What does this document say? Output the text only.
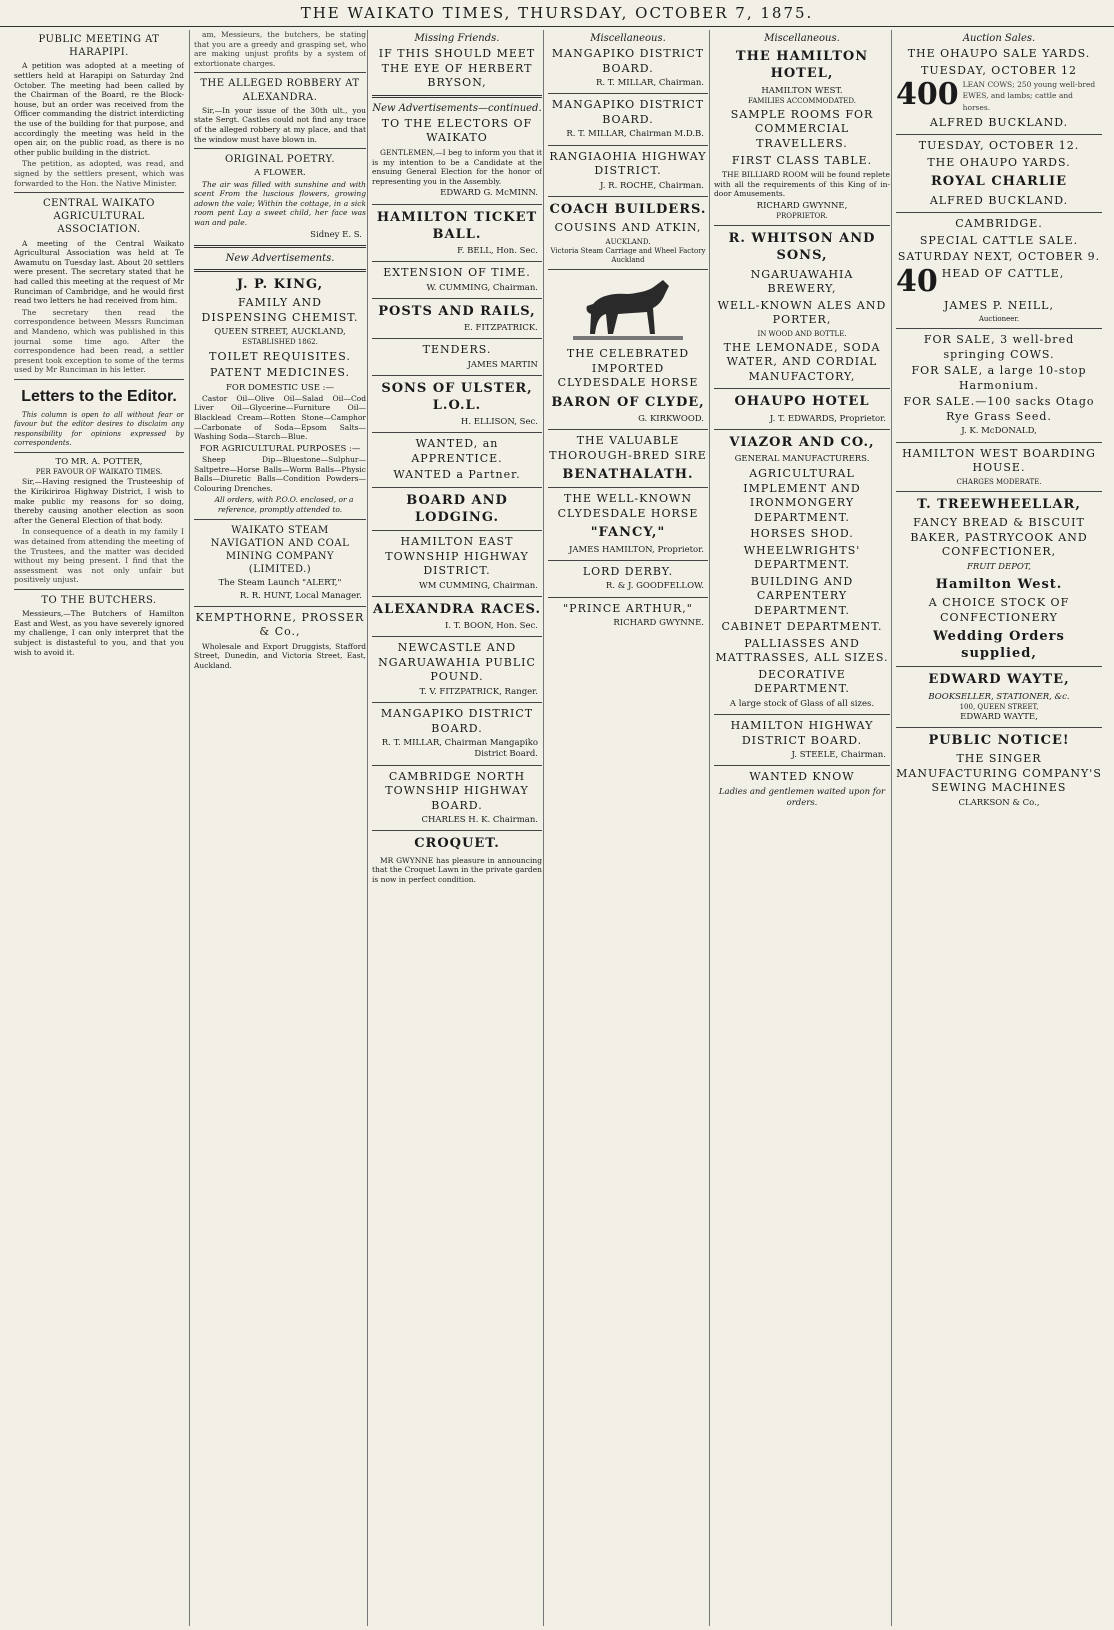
THE WAIKATO TIMES, THURSDAY, OCTOBER 7, 1875.
PUBLIC MEETING AT HARAPIPI.

A petition was adopted at a meeting of settlers held at Harapipi on Saturday 2nd October. The meeting had been called by the Chairman of the Board, re the Block-house, but an order was received from the Officer commanding the district interdicting the use of the building for that purpose, and accordingly the meeting was held in the open air, on the public road, as there is no other public building in the district.

The petition, as adopted, was read, and signed by the settlers present, which was forwarded to the Hon. the Native Minister.

CENTRAL WAIKATO AGRICULTURAL ASSOCIATION.

A meeting of the Central Waikato Agricultural Association was held at Te Awamutu on Tuesday last. About 20 settlers were present. The secretary stated that he had called this meeting at the request of Mr Runciman of Cambridge, and he would first read two letters he had received from him.

The secretary then read the correspondence between Messrs Runciman and Mandeno, which was published in this journal some time ago. After the correspondence had been read, a settler present took exception to some of the terms used by Mr Runciman in his letter.

Letters to the Editor.

This column is open to all without fear or favour but the editor desires to disclaim any responsibility for opinions expressed by correspondents.

TO MR. A. POTTER,
PER FAVOUR OF WAIKATO TIMES.

Sir,—Having resigned the Trusteeship of the Kirikiriroa Highway District, I wish to make public my reasons for so doing, thereby causing another election as soon after the General Election of that body.

In consequence of a death in my family I was detained from attending the meeting of the Trustees, and the matter was decided without my being present. I find that the assessment was not only unfair but positively unjust.

TO THE BUTCHERS.

Messieurs,—The Butchers of Hamilton East and West, as you have severely ignored my challenge, I can only interpret that the subject is distasteful to you, and that you wish to avoid it.

am, Messieurs, the butchers, be stating that you are a greedy and grasping set, who are making unjust profits by a system of extortionate charges.

THE ALLEGED ROBBERY AT ALEXANDRA.

Sir,—In your issue of the 30th ult., you state Sergt. Castles could not find any trace of the alleged robbery at my place, and that the window must have blown in.

ORIGINAL POETRY.
A FLOWER.

The air was filled with sunshine and with scent From the luscious flowers, growing adown the vale; Within the cottage, in a sick room pent Lay a sweet child, her face was wan and pale.

Sidney E. S.
New Advertisements.
J. P. KING,
FAMILY AND DISPENSING CHEMIST.
QUEEN STREET, AUCKLAND,
ESTABLISHED 1862.
TOILET REQUISITES.
PATENT MEDICINES.
FOR DOMESTIC USE :—

Castor Oil—Olive Oil—Salad Oil—Cod Liver Oil—Glycerine—Furniture Oil—Blacklead Cream—Rotten Stone—Camphor—Carbonate of Soda—Epsom Salts—Washing Soda—Starch—Blue.

FOR AGRICULTURAL PURPOSES :—

Sheep Dip—Bluestone—Sulphur—Saltpetre—Horse Balls—Worm Balls—Physic Balls—Diuretic Balls—Condition Powders—Colouring Drenches.

All orders, with P.O.O. enclosed, or a reference, promptly attended to.

WAIKATO STEAM NAVIGATION AND COAL MINING COMPANY (LIMITED.)
The Steam Launch "ALERT,"
R. R. HUNT, Local Manager.
KEMPTHORNE, PROSSER & Co.,

Wholesale and Export Druggists, Stafford Street, Dunedin, and Victoria Street, East, Auckland.

Missing Friends.
IF THIS SHOULD MEET THE EYE OF HERBERT BRYSON,
New Advertisements—continued.
TO THE ELECTORS OF WAIKATO

GENTLEMEN,—I beg to inform you that it is my intention to be a Candidate at the ensuing General Election for the honor of representing you in the Assembly.

EDWARD G. McMINN.
HAMILTON TICKET BALL.
F. BELL, Hon. Sec.
EXTENSION OF TIME.
W. CUMMING, Chairman.
POSTS AND RAILS,
E. FITZPATRICK.
TENDERS.
JAMES MARTIN
SONS OF ULSTER, L.O.L.
H. ELLISON, Sec.
WANTED, an APPRENTICE.
WANTED a Partner.
BOARD AND LODGING.
HAMILTON EAST TOWNSHIP HIGHWAY DISTRICT.
WM CUMMING, Chairman.
ALEXANDRA RACES.
I. T. BOON, Hon. Sec.
NEWCASTLE AND NGARUAWAHIA PUBLIC POUND.
T. V. FITZPATRICK, Ranger.
MANGAPIKO DISTRICT BOARD.
R. T. MILLAR, Chairman Mangapiko District Board.
CAMBRIDGE NORTH TOWNSHIP HIGHWAY BOARD.
CHARLES H. K. Chairman.
CROQUET.

MR GWYNNE has pleasure in announcing that the Croquet Lawn in the private garden is now in perfect condition.

Miscellaneous.
MANGAPIKO DISTRICT BOARD.
R. T. MILLAR, Chairman.
MANGAPIKO DISTRICT BOARD.
R. T. MILLAR, Chairman M.D.B.
RANGIAOHIA HIGHWAY DISTRICT.
J. R. ROCHE, Chairman.
COACH BUILDERS.
COUSINS AND ATKIN,
AUCKLAND.
Victoria Steam Carriage and Wheel Factory Auckland
THE CELEBRATED IMPORTED CLYDESDALE HORSE
BARON OF CLYDE,
G. KIRKWOOD.
THE VALUABLE THOROUGH-BRED SIRE
BENATHALATH.
THE WELL-KNOWN CLYDESDALE HORSE
"FANCY,"
JAMES HAMILTON, Proprietor.
LORD DERBY.
R. & J. GOODFELLOW.
"PRINCE ARTHUR,"
RICHARD GWYNNE.
Miscellaneous.
THE HAMILTON HOTEL,
HAMILTON WEST.
FAMILIES ACCOMMODATED.
SAMPLE ROOMS FOR COMMERCIAL TRAVELLERS.
FIRST CLASS TABLE.

THE BILLIARD ROOM will be found replete with all the requirements of this King of in-door Amusements.

RICHARD GWYNNE,
PROPRIETOR.
R. WHITSON AND SONS,
NGARUAWAHIA BREWERY,
WELL-KNOWN ALES AND PORTER,
IN WOOD AND BOTTLE.
THE LEMONADE, SODA WATER, AND CORDIAL MANUFACTORY,
OHAUPO HOTEL
J. T. EDWARDS, Proprietor.
VIAZOR AND CO.,
GENERAL MANUFACTURERS.
AGRICULTURAL IMPLEMENT AND IRONMONGERY DEPARTMENT.
HORSES SHOD.
WHEELWRIGHTS' DEPARTMENT.
BUILDING AND CARPENTERY DEPARTMENT.
CABINET DEPARTMENT.
PALLIASSES AND MATTRASSES, ALL SIZES.
DECORATIVE DEPARTMENT.
A large stock of Glass of all sizes.
HAMILTON HIGHWAY DISTRICT BOARD.
J. STEELE, Chairman.
WANTED KNOW
Ladies and gentlemen waited upon for orders.
Auction Sales.
THE OHAUPO SALE YARDS.
TUESDAY, OCTOBER 12
400 LEAN COWS; 250 young well-bred EWES, and lambs; cattle and horses.
ALFRED BUCKLAND.
TUESDAY, OCTOBER 12.
THE OHAUPO YARDS.
ROYAL CHARLIE
ALFRED BUCKLAND.
CAMBRIDGE.
SPECIAL CATTLE SALE.
SATURDAY NEXT, OCTOBER 9.
40 HEAD OF CATTLE,
JAMES P. NEILL,
Auctioneer.
FOR SALE, 3 well-bred springing COWS.
FOR SALE, a large 10-stop Harmonium.
FOR SALE.—100 sacks Otago Rye Grass Seed.
J. K. McDONALD,
HAMILTON WEST BOARDING HOUSE.
CHARGES MODERATE.
T. TREEWHEELLAR,
FANCY BREAD & BISCUIT BAKER, PASTRYCOOK AND CONFECTIONER,
FRUIT DEPOT,
Hamilton West.
A CHOICE STOCK OF CONFECTIONERY
Wedding Orders supplied,
EDWARD WAYTE,
BOOKSELLER, STATIONER, &c.
100, QUEEN STREET,
EDWARD WAYTE,
PUBLIC NOTICE!
THE SINGER MANUFACTURING COMPANY'S SEWING MACHINES
CLARKSON & Co.,
